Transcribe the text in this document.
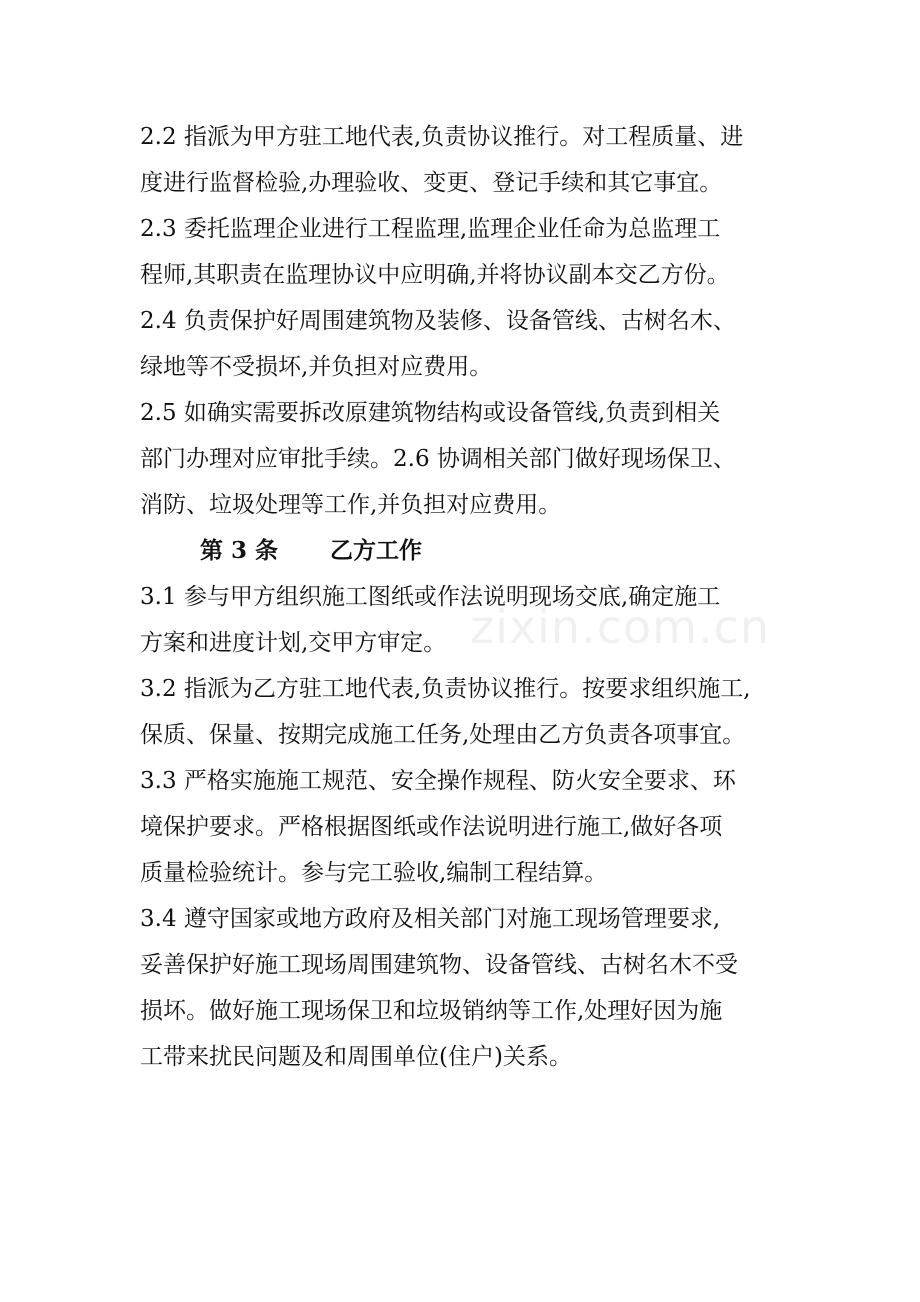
2.2 指派为甲方驻工地代表,负责协议推行。对工程质量、进
度进行监督检验,办理验收、变更、登记手续和其它事宜。
2.3 委托监理企业进行工程监理,监理企业任命为总监理工
程师,其职责在监理协议中应明确,并将协议副本交乙方份。
2.4 负责保护好周围建筑物及装修、设备管线、古树名木、
绿地等不受损坏,并负担对应费用。
2.5 如确实需要拆改原建筑物结构或设备管线,负责到相关
部门办理对应审批手续。2.6 协调相关部门做好现场保卫、
消防、垃圾处理等工作,并负担对应费用。
第 3 条 乙方工作
3.1 参与甲方组织施工图纸或作法说明现场交底,确定施工
方案和进度计划,交甲方审定。
3.2 指派为乙方驻工地代表,负责协议推行。按要求组织施工,
保质、保量、按期完成施工任务,处理由乙方负责各项事宜。
3.3 严格实施施工规范、安全操作规程、防火安全要求、环
境保护要求。严格根据图纸或作法说明进行施工,做好各项
质量检验统计。参与完工验收,编制工程结算。
3.4 遵守国家或地方政府及相关部门对施工现场管理要求,
妥善保护好施工现场周围建筑物、设备管线、古树名木不受
损坏。做好施工现场保卫和垃圾销纳等工作,处理好因为施
工带来扰民问题及和周围单位(住户)关系。
zixin.com.cn
